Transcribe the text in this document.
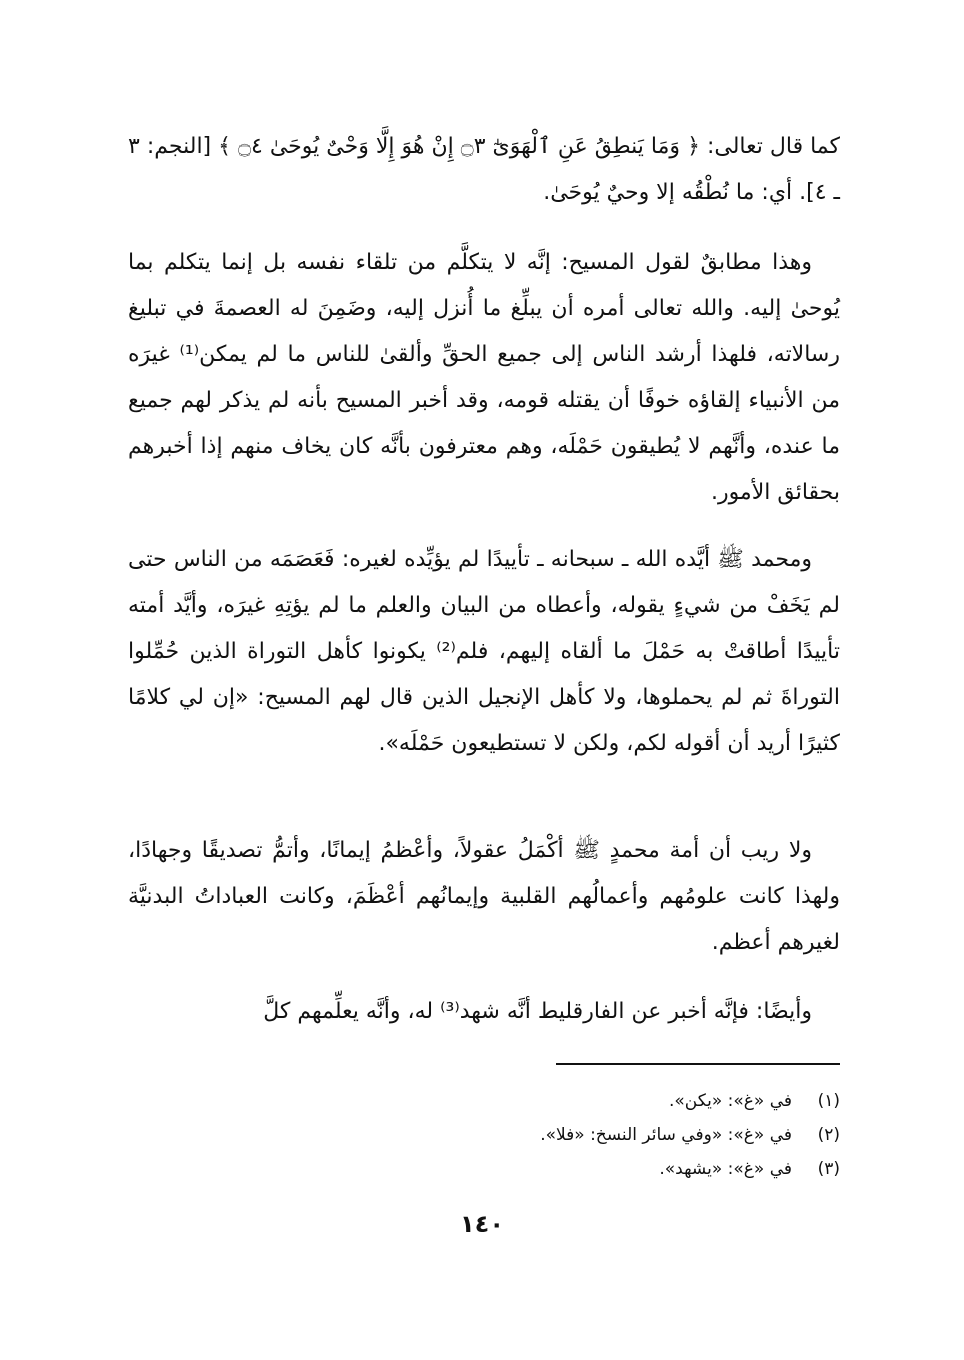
كما قال تعالى: ﴿ وَمَا يَنطِقُ عَنِ ٱلْهَوَىٰٓ ۝٣ إِنْ هُوَ إِلَّا وَحْىٌ يُوحَىٰ ۝٤ ﴾ [النجم: ٣ ـ ٤]. أي: ما نُطْقُه إلا وحيٌ يُوحَىٰ.
وهذا مطابقٌ لقول المسيح: إنَّه لا يتكلَّم من تلقاء نفسه بل إنما يتكلم بما يُوحىٰ إليه. والله تعالى أمره أن يبلِّغ ما أُنزل إليه، وضَمِنَ له العصمةَ في تبليغ رسالاته، فلهذا أرشد الناس إلى جميع الحقِّ وألقىٰ للناس ما لم يمكن⁽¹⁾ غيرَه من الأنبياء إلقاؤه خوفًا أن يقتله قومه، وقد أخبر المسيح بأنه لم يذكر لهم جميع ما عنده، وأنَّهم لا يُطيقون حَمْلَه، وهم معترفون بأنَّه كان يخاف منهم إذا أخبرهم بحقائق الأمور.
ومحمد ﷺ أيَّده الله ـ سبحانه ـ تأييدًا لم يؤيِّده لغيره: فَعَصَمَه من الناس حتى لم يَخَفْ من شيءٍ يقوله، وأعطاه من البيان والعلم ما لم يؤتِهِ غيرَه، وأيَّد أمته تأييدًا أطاقتْ به حَمْلَ ما ألقاه إليهم، فلم⁽²⁾ يكونوا كأهل التوراة الذين حُمِّلوا التوراةَ ثم لم يحملوها، ولا كأهل الإنجيل الذين قال لهم المسيح: «إن لي كلامًا كثيرًا أريد أن أقوله لكم، ولكن لا تستطيعون حَمْلَه».
ولا ريب أن أمة محمدٍ ﷺ أكْمَلُ عقولاً، وأعْظمُ إيمانًا، وأتمُّ تصديقًا وجهادًا، ولهذا كانت علومُهم وأعمالُهم القلبية وإيمانُهم أعْظَمَ، وكانت العباداتُ البدنيَّة لغيرهم أعظم.
وأيضًا: فإنَّه أخبر عن الفارقليط أنَّه شهد⁽³⁾ له، وأنَّه يعلِّمهم كلَّ
(١)
في «غ»: «يكن».
(٢)
في «غ»: «وفي سائر النسخ: «فلا».
(٣)
في «غ»: «يشهد».
١٤٠
